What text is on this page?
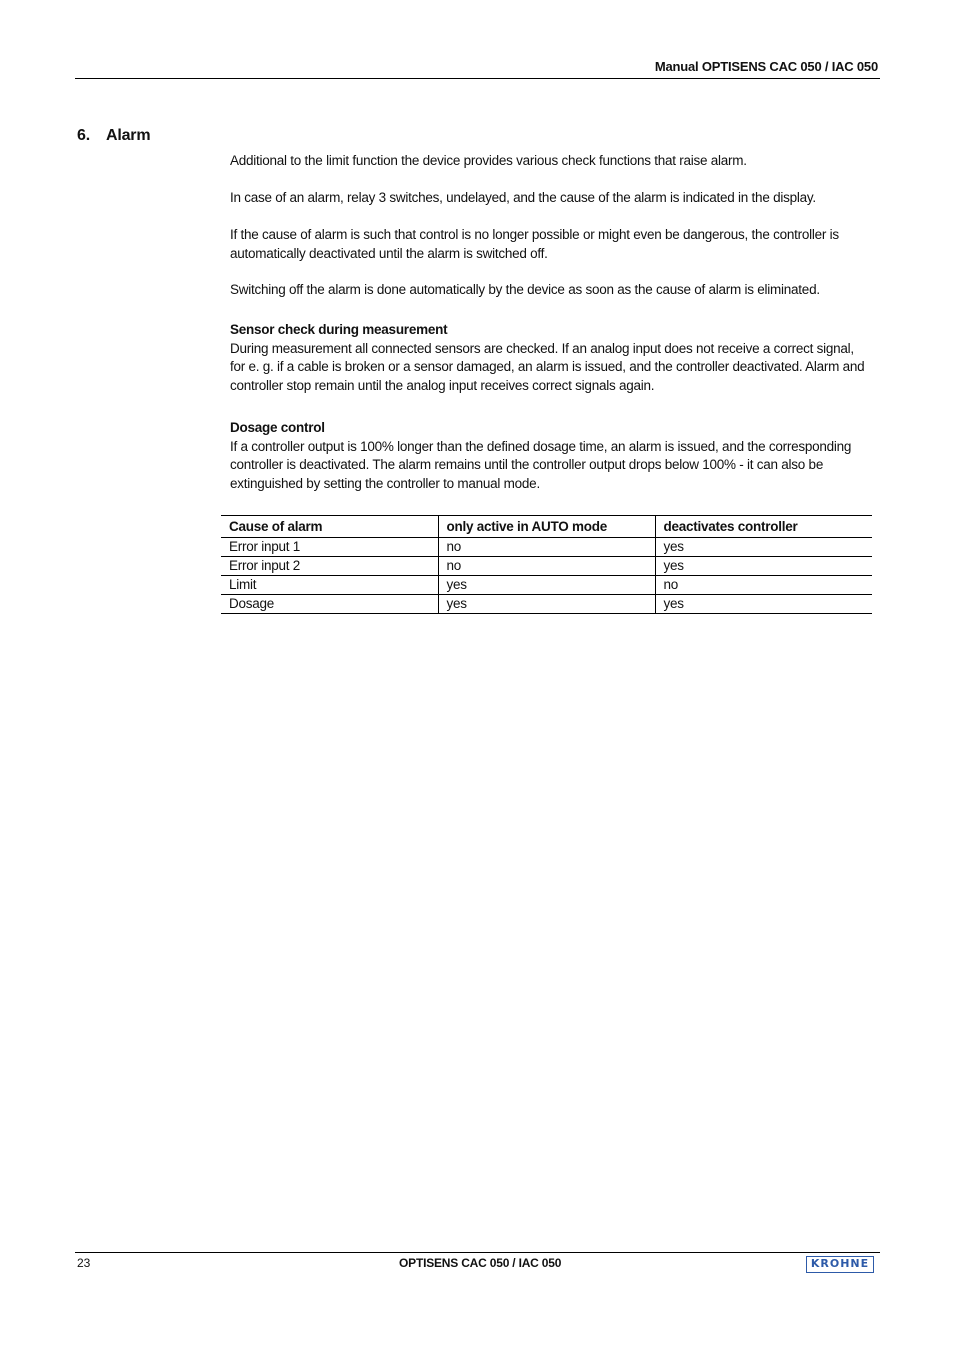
Manual OPTISENS CAC 050 / IAC 050
6. Alarm

Additional to the limit function the device provides various check functions that raise alarm.

In case of an alarm, relay 3 switches, undelayed, and the cause of the alarm is indicated in the display.

If the cause of alarm is such that control is no longer possible or might even be dangerous, the controller is automatically deactivated until the alarm is switched off.

Switching off the alarm is done automatically by the device as soon as the cause of alarm is eliminated.

Sensor check during measurement

During measurement all connected sensors are checked. If an analog input does not receive a correct signal, for e. g. if a cable is broken or a sensor damaged, an alarm is issued, and the controller deactivated. Alarm and controller stop remain until the analog input receives correct signals again.

Dosage control

If a controller output is 100% longer than the defined dosage time, an alarm is issued, and the corresponding controller is deactivated. The alarm remains until the controller output drops below 100% - it can also be extinguished by setting the controller to manual mode.

Cause of alarm	only active in AUTO mode	deactivates controller
Error input 1	no	yes
Error input 2	no	yes
Limit	yes	no
Dosage	yes	yes
23	OPTISENS CAC 050 / IAC 050	KROHNE
